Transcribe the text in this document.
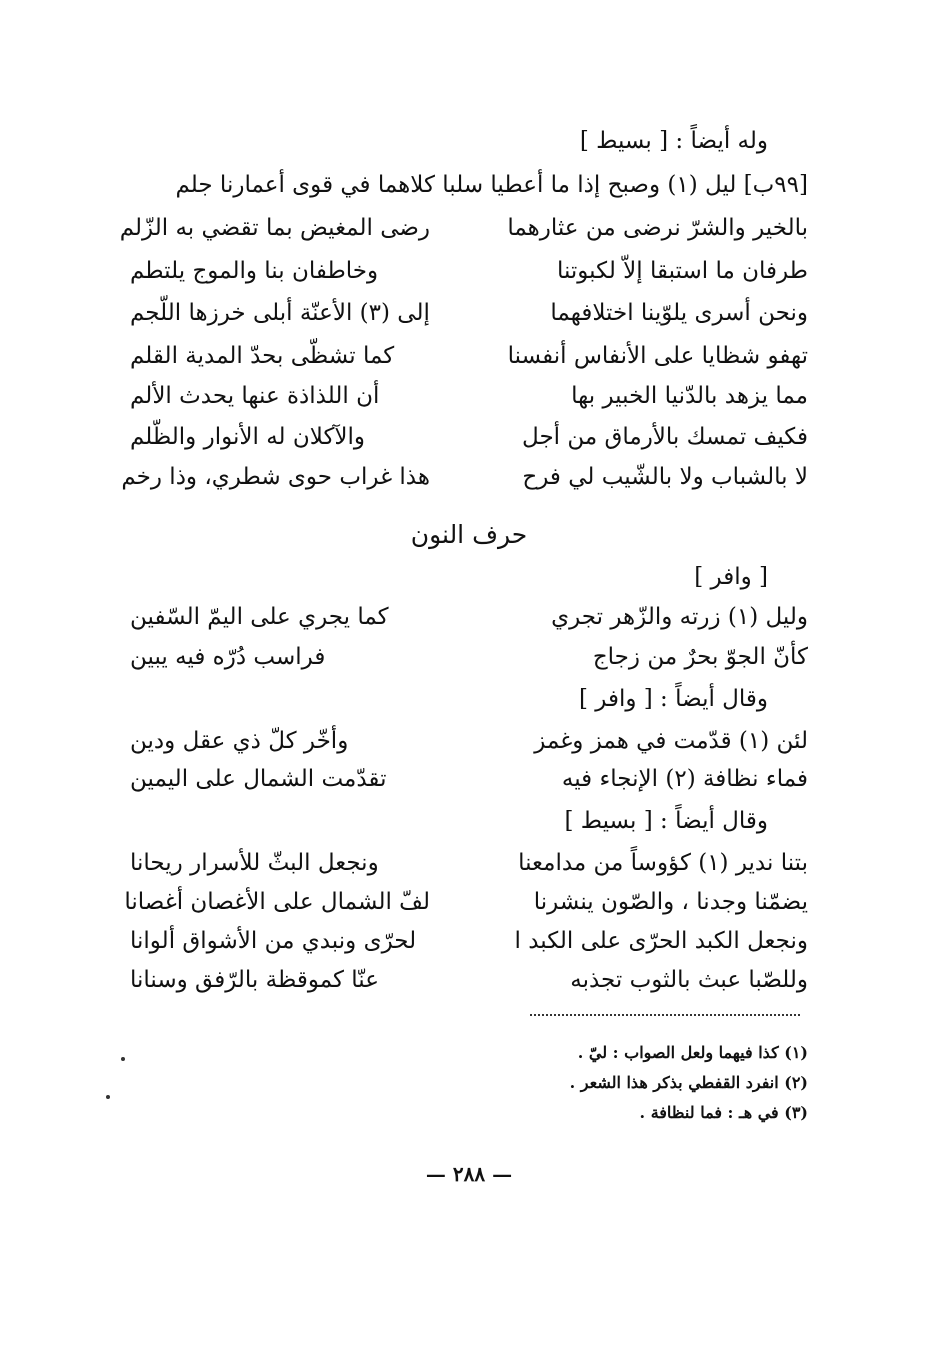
وله أيضاً : [ بسيط ]
[٩٩ب] ليل (١) وصبح إذا ما أعطيا سلبا كلاهما في قوى أعمارنا جلم
بالخير والشرّ نرضى من عثارهما
رضى المغيض بما تقضي به الزّلم
طرفان ما استبقا إلاّ لكبوتنا
وخاطفان بنا والموج يلتطم
ونحن أسرى يلوّينا اختلافهما
إلى (٣) الأعنّة أبلى خرزها اللّجم
تهفو شظايا على الأنفاس أنفسنا
كما تشظّى بحدّ المدية القلم
مما يزهد بالدّنيا الخبير بها
أن اللذاذة عنها يحدث الألم
فكيف تمسك بالأرماق من أجل
والآكلان له الأنوار والظّلم
لا بالشباب ولا بالشّيب لي فرح
هذا غراب حوى شطري، وذا رخم
حرف النون
[ وافر ]
وليل (١) زرته والزّهر تجري
كما يجري على اليمّ السّفين
كأنّ الجوّ بحرٌ من زجاج
فراسب دُرّه فيه يبين
وقال أيضاً : [ وافر ]
لئن (١) قدّمت في همز وغمز
وأخّر كلّ ذي عقل ودين
فماء نظافة (٢) الإنجاء فيه
تقدّمت الشمال على اليمين
وقال أيضاً : [ بسيط ]
بتنا ندير (١) كؤوساً من مدامعنا
ونجعل البثّ للأسرار ريحانا
يضمّنا وجدنا ، والصّون ينشرنا
لفّ الشمال على الأغصان أغصانا
ونجعل الكبد الحرّى على الكبد ا
لحرّى ونبدي من الأشواق ألوانا
وللصّبا عبث بالثوب تجذبه
عنّا كموقظة بالرّفق وسنانا
(١) كذا فيهما ولعل الصواب : ليّ .
(٢) انفرد القفطي بذكر هذا الشعر .
(٣) في هـ : فما لنظافة .
— ٢٨٨ —
